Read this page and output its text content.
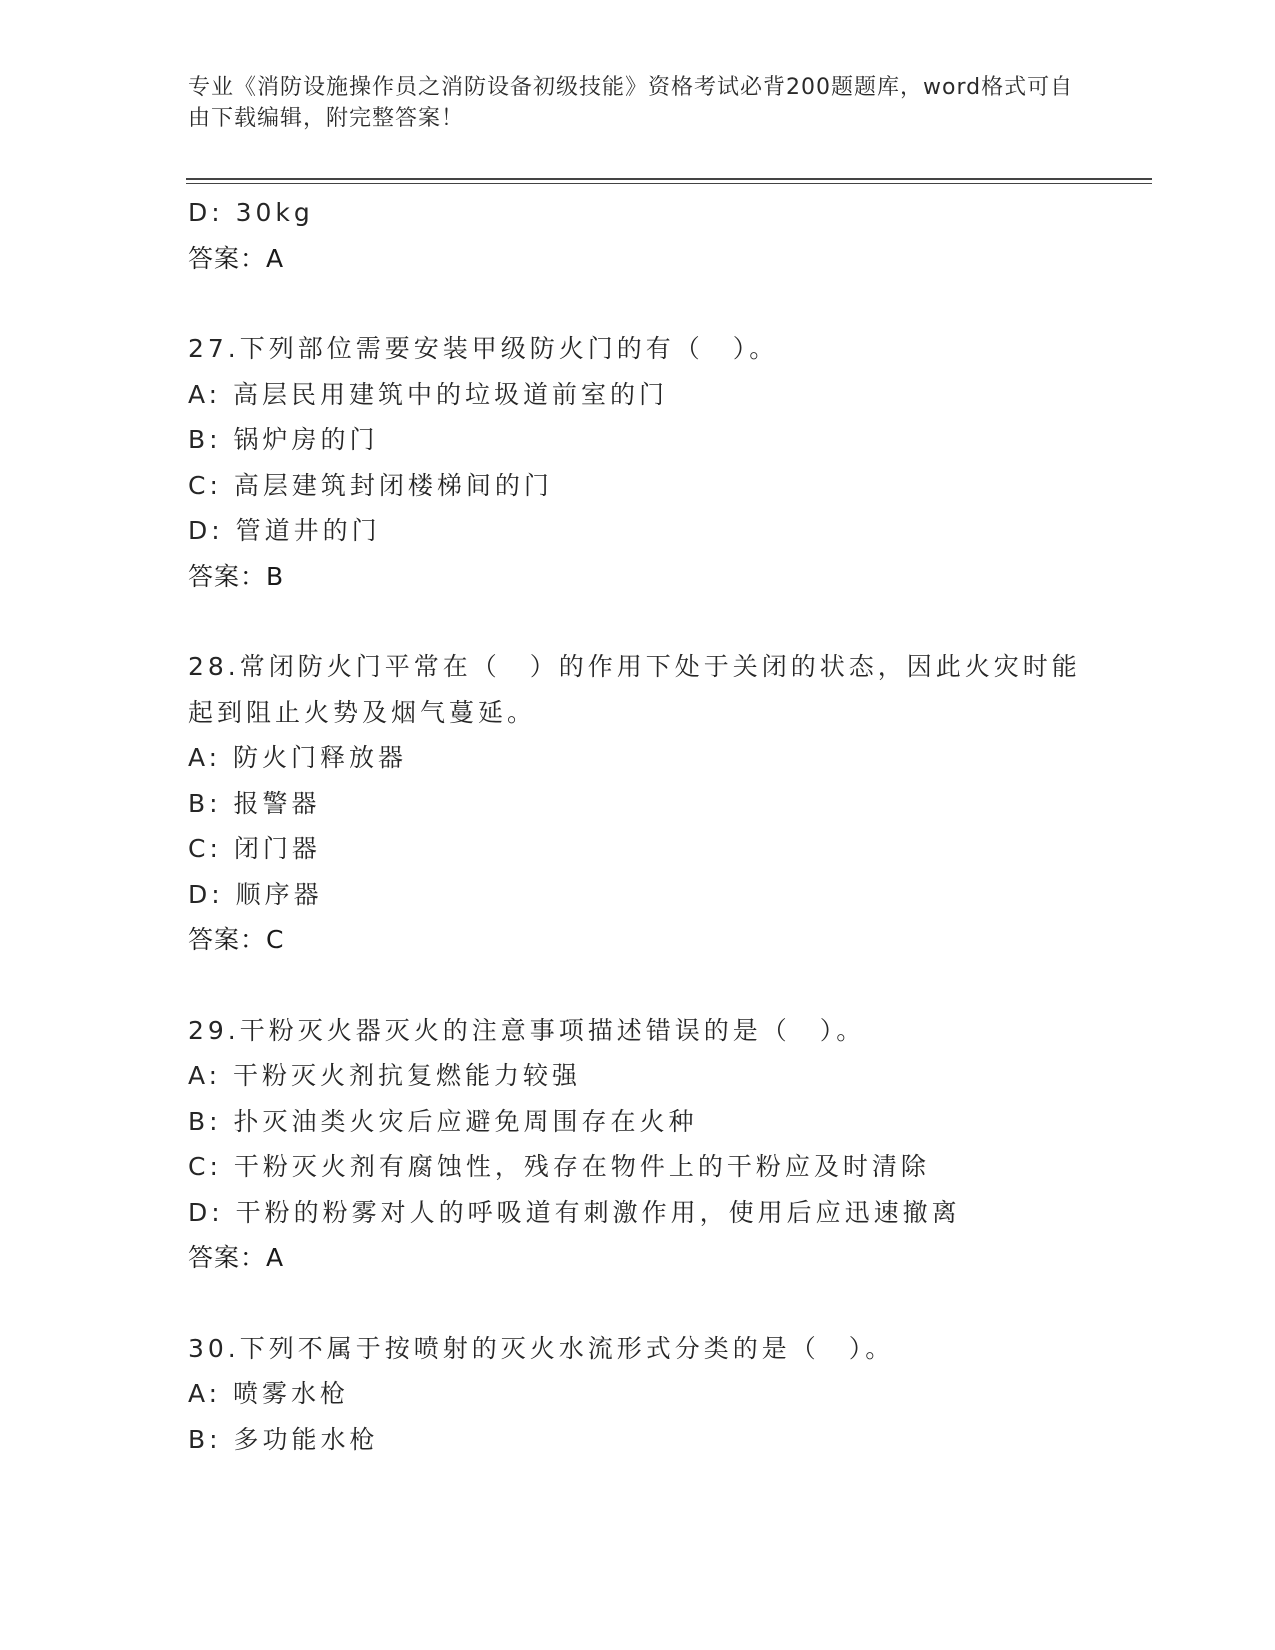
专业《消防设施操作员之消防设备初级技能》资格考试必背200题题库，word格式可自由下载编辑，附完整答案！
D: 30kg
答案：A
27.下列部位需要安装甲级防火门的有（　）。
A: 高层民用建筑中的垃圾道前室的门
B: 锅炉房的门
C: 高层建筑封闭楼梯间的门
D: 管道井的门
答案：B
28.常闭防火门平常在（　）的作用下处于关闭的状态，因此火灾时能起到阻止火势及烟气蔓延。
A: 防火门释放器
B: 报警器
C: 闭门器
D: 顺序器
答案：C
29.干粉灭火器灭火的注意事项描述错误的是（　）。
A: 干粉灭火剂抗复燃能力较强
B: 扑灭油类火灾后应避免周围存在火种
C: 干粉灭火剂有腐蚀性，残存在物件上的干粉应及时清除
D: 干粉的粉雾对人的呼吸道有刺激作用，使用后应迅速撤离
答案：A
30.下列不属于按喷射的灭火水流形式分类的是（　）。
A: 喷雾水枪
B: 多功能水枪
